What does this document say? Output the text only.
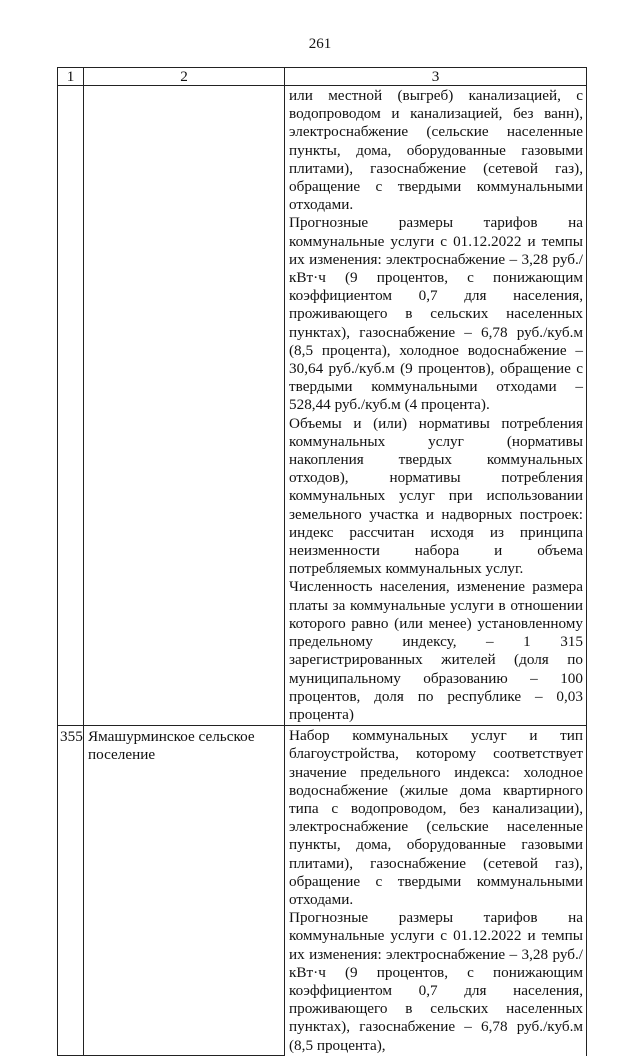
261
1	2	3

		или местной (выгреб) канализацией, с водопроводом и канализацией, без ванн), электроснабжение (сельские населенные пункты, дома, оборудованные газовыми плитами), газоснабжение (сетевой газ), обращение с твердыми коммунальными отходами.

Прогнозные размеры тарифов на коммунальные услуги с 01.12.2022 и темпы их изменения: электроснабжение – 3,28 руб./кВт·ч (9 процентов, с понижающим коэффициентом 0,7 для населения, проживающего в сельских населенных пунктах), газоснабжение – 6,78 руб./куб.м (8,5 процента), холодное водоснабжение – 30,64 руб./куб.м (9 процентов), обращение с твердыми коммунальными отходами – 528,44 руб./куб.м (4 процента).

Объемы и (или) нормативы потребления коммунальных услуг (нормативы накопления твердых коммунальных отходов), нормативы потребления коммунальных услуг при использовании земельного участка и надворных построек: индекс рассчитан исходя из принципа неизменности набора и объема потребляемых коммунальных услуг.

Численность населения, изменение размера платы за коммунальные услуги в отношении которого равно (или менее) установленному предельному индексу, – 1 315 зарегистрированных жителей (доля по муниципальному образованию – 100 процентов, доля по республике – 0,03 процента)

355	Ямашурминское сельское поселение	Набор коммунальных услуг и тип благоустройства, которому соответствует значение предельного индекса: холодное водоснабжение (жилые дома квартирного типа с водопроводом, без канализации), электроснабжение (сельские населенные пункты, дома, оборудованные газовыми плитами), газоснабжение (сетевой газ), обращение с твердыми коммунальными отходами.

Прогнозные размеры тарифов на коммунальные услуги с 01.12.2022 и темпы их изменения: электроснабжение – 3,28 руб./кВт·ч (9 процентов, с понижающим коэффициентом 0,7 для населения, проживающего в сельских населенных пунктах), газоснабжение – 6,78 руб./куб.м (8,5 процента),
